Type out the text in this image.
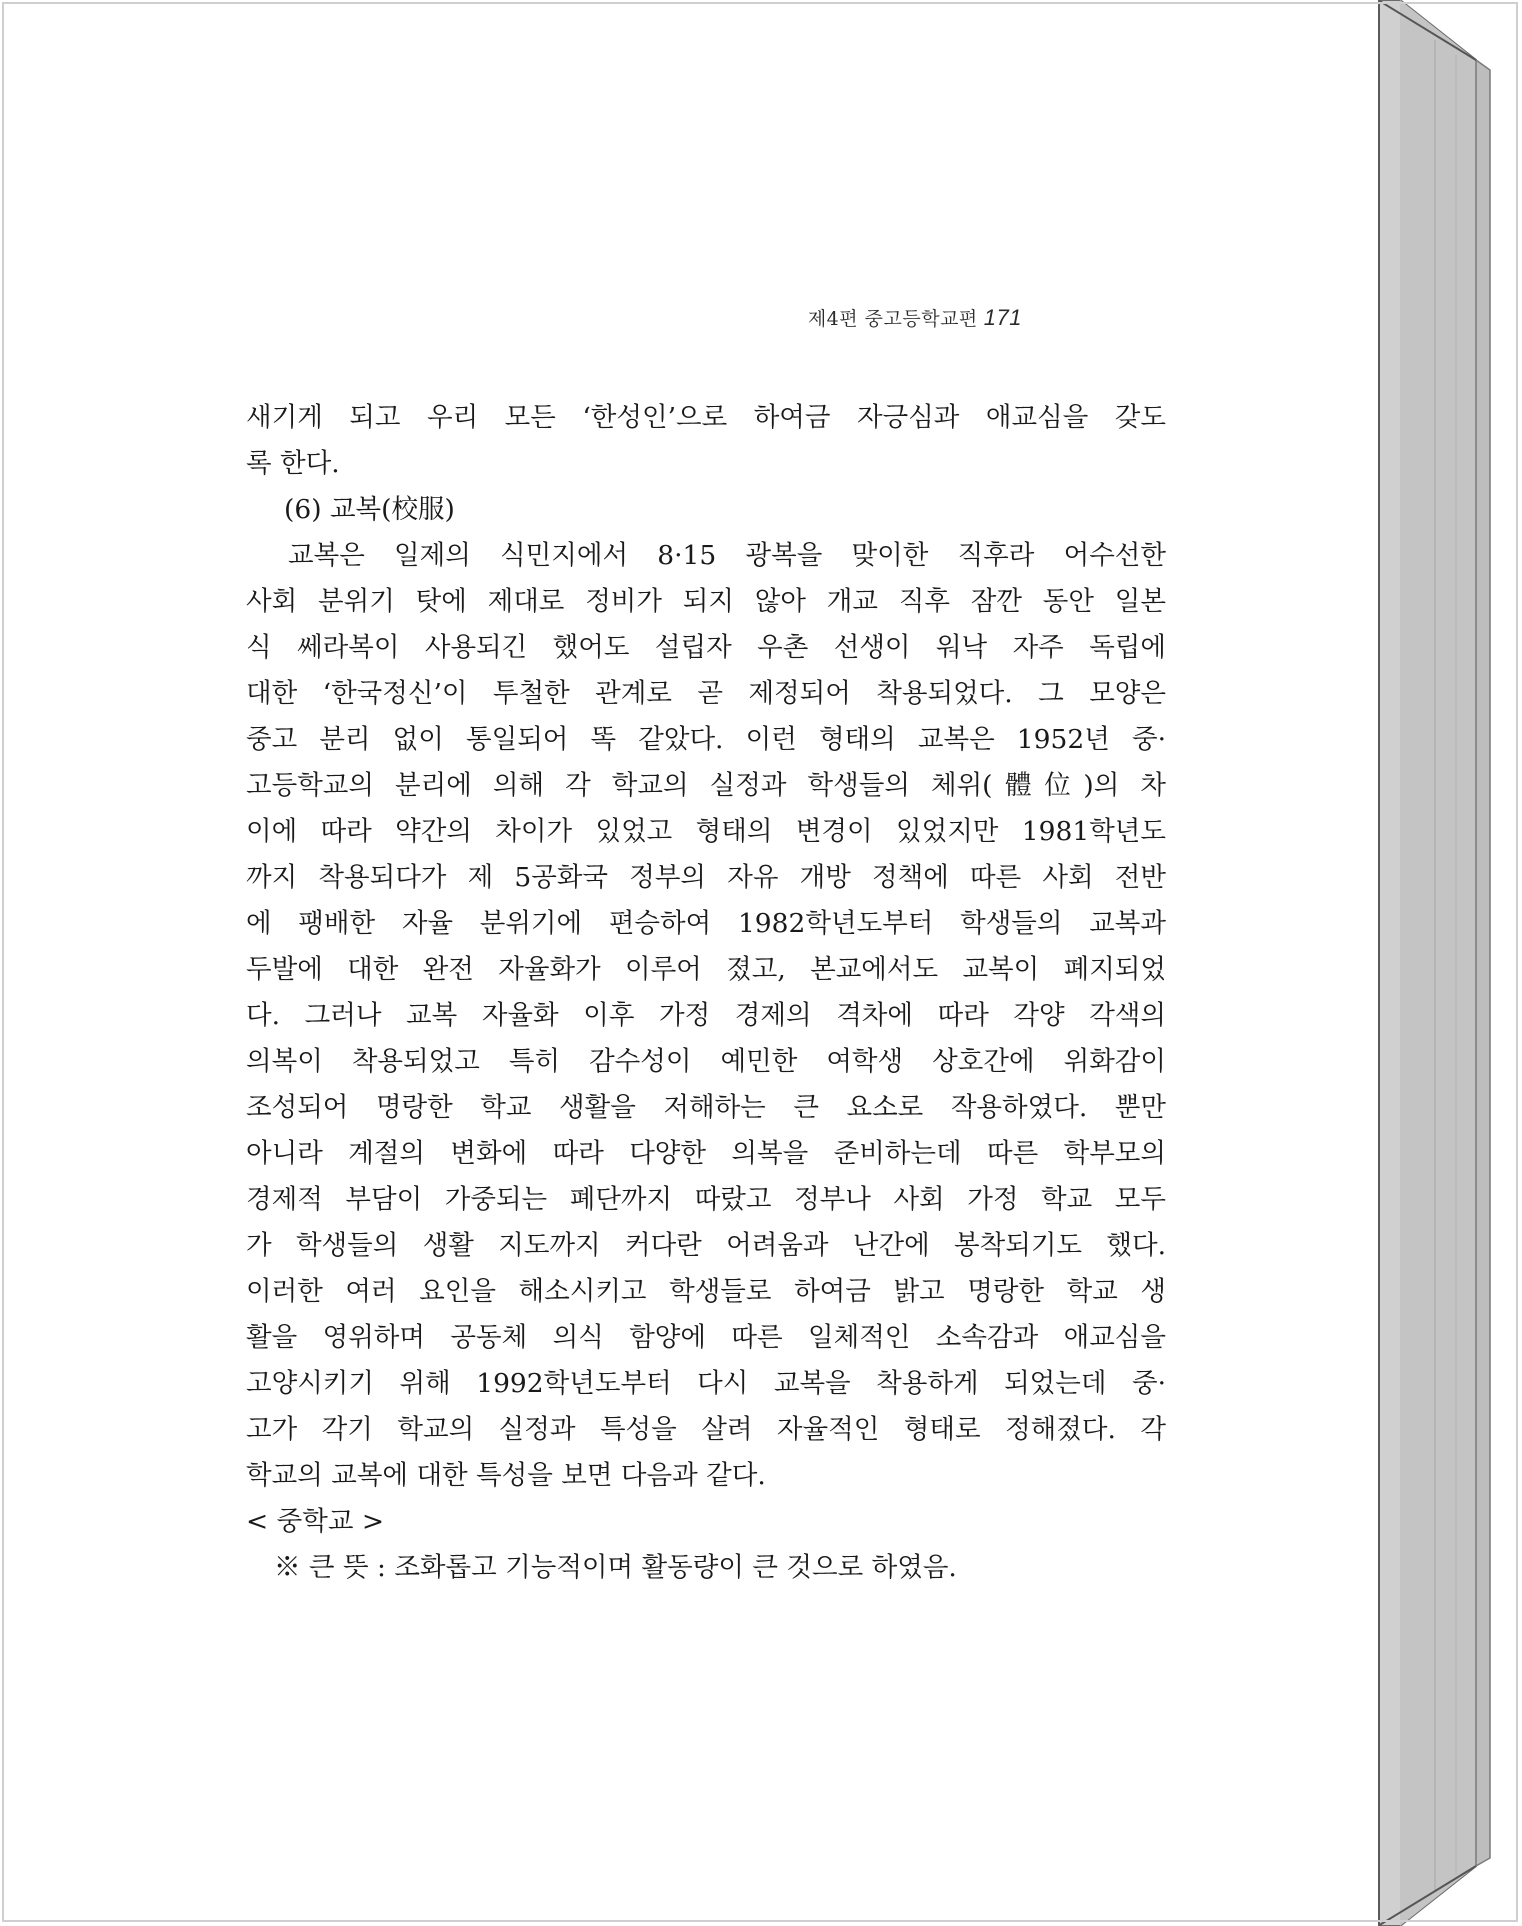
제4편 중고등학교편 171
새기게 되고 우리 모든 ‘한성인’으로 하여금 자긍심과 애교심을 갖도
록 한다.
(6) 교복(校服)
교복은 일제의 식민지에서 8·15 광복을 맞이한 직후라 어수선한
사회 분위기 탓에 제대로 정비가 되지 않아 개교 직후 잠깐 동안 일본
식 쎄라복이 사용되긴 했어도 설립자 우촌 선생이 워낙 자주 독립에
대한 ‘한국정신’이 투철한 관계로 곧 제정되어 착용되었다. 그 모양은
중고 분리 없이 통일되어 똑 같았다. 이런 형태의 교복은 1952년 중·
고등학교의 분리에 의해 각 학교의 실정과 학생들의 체위(體位)의 차
이에 따라 약간의 차이가 있었고 형태의 변경이 있었지만 1981학년도
까지 착용되다가 제 5공화국 정부의 자유 개방 정책에 따른 사회 전반
에 팽배한 자율 분위기에 편승하여 1982학년도부터 학생들의 교복과
두발에 대한 완전 자율화가 이루어 졌고, 본교에서도 교복이 폐지되었
다. 그러나 교복 자율화 이후 가정 경제의 격차에 따라 각양 각색의
의복이 착용되었고 특히 감수성이 예민한 여학생 상호간에 위화감이
조성되어 명랑한 학교 생활을 저해하는 큰 요소로 작용하였다. 뿐만
아니라 계절의 변화에 따라 다양한 의복을 준비하는데 따른 학부모의
경제적 부담이 가중되는 폐단까지 따랐고 정부나 사회 가정 학교 모두
가 학생들의 생활 지도까지 커다란 어려움과 난간에 봉착되기도 했다.
이러한 여러 요인을 해소시키고 학생들로 하여금 밝고 명랑한 학교 생
활을 영위하며 공동체 의식 함양에 따른 일체적인 소속감과 애교심을
고양시키기 위해 1992학년도부터 다시 교복을 착용하게 되었는데 중·
고가 각기 학교의 실정과 특성을 살려 자율적인 형태로 정해졌다. 각
학교의 교복에 대한 특성을 보면 다음과 같다.
< 중학교 >
※ 큰 뜻 : 조화롭고 기능적이며 활동량이 큰 것으로 하였음.
